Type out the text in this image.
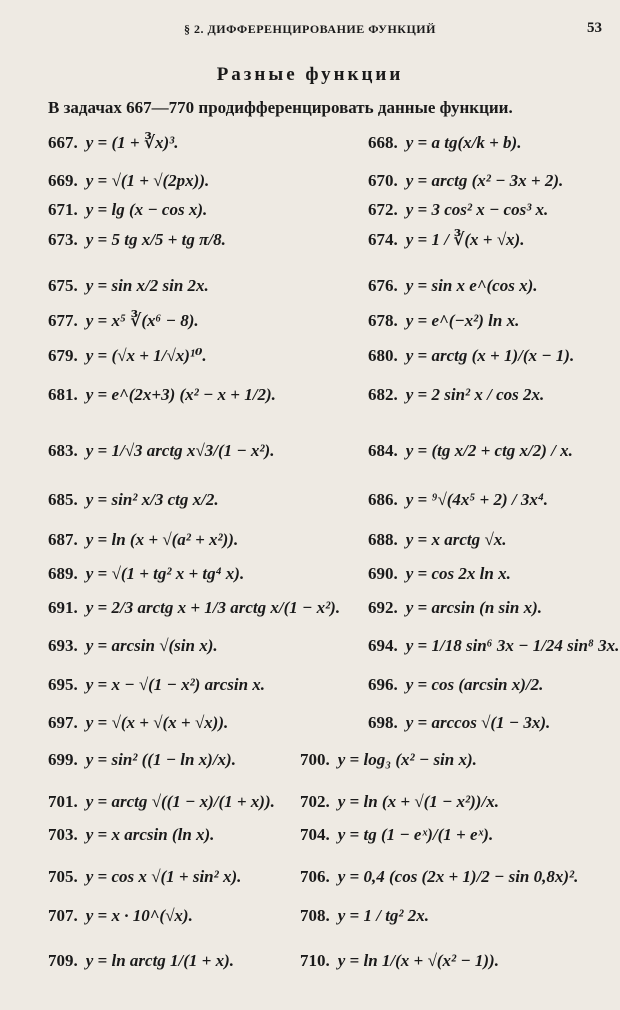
§ 2. ДИФФЕРЕНЦИРОВАНИЕ ФУНКЦИЙ	53
Разные функции
В задачах 667—770 продифференцировать данные функции.
667. y = (1 + ∛x)³.	668. y = a tg(x/k + b).
669. y = √(1 + √(2px)).	670. y = arctg (x² − 3x + 2).
671. y = lg (x − cos x).	672. y = 3 cos² x − cos³ x.
673. y = 5 tg x/5 + tg π/8.	674. y = 1 / ∛(x + √x).
675. y = sin x/2 sin 2x.	676. y = sin x e^(cos x).
677. y = x⁵ ∛(x⁶ − 8).	678. y = e^(−x²) ln x.
679. y = (√x + 1/√x)¹⁰.	680. y = arctg (x + 1)/(x − 1).
681. y = e^(2x+3) (x² − x + 1/2).	682. y = 2 sin² x / cos 2x.
683. y = 1/√3 arctg x√3/(1 − x²).	684. y = (tg x/2 + ctg x/2) / x.
685. y = sin² x/3 ctg x/2.	686. y = ⁹√(4x⁵ + 2) / 3x⁴.
687. y = ln (x + √(a² + x²)).	688. y = x arctg √x.
689. y = √(1 + tg² x + tg⁴ x).	690. y = cos 2x ln x.
691. y = 2/3 arctg x + 1/3 arctg x/(1 − x²). 692. y = arcsin (n sin x).
693. y = arcsin √(sin x).	694. y = 1/18 sin⁶ 3x − 1/24 sin⁸ 3x.
695. y = x − √(1 − x²) arcsin x.	696. y = cos (arcsin x)/2.
697. y = √(x + √(x + √x)).	698. y = arccos √(1 − 3x).
699. y = sin² ((1 − ln x)/x).	700. y = log₃ (x² − sin x).
701. y = arctg √((1 − x)/(1 + x)). 702. y = ln (x + √(1 − x²))/x.
703. y = x arcsin (ln x).	704. y = tg (1 − eˣ)/(1 + eˣ).
705. y = cos x √(1 + sin² x).	706. y = 0,4 (cos (2x + 1)/2 − sin 0,8x)².
707. y = x · 10^(√x).	708. y = 1 / tg² 2x.
709. y = ln arctg 1/(1 + x).	710. y = ln 1/(x + √(x² − 1)).
